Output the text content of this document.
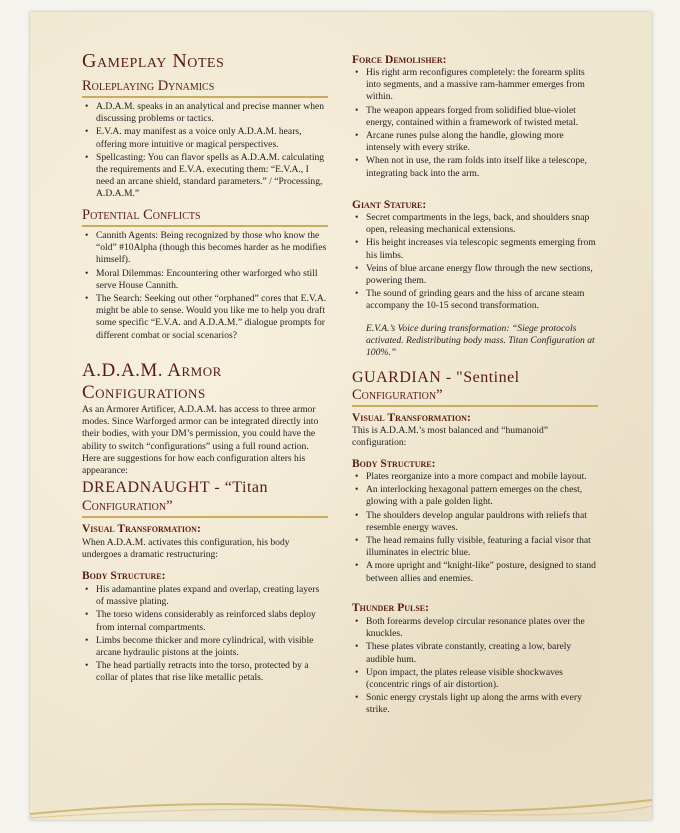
Gameplay Notes
Roleplaying Dynamics
• A.D.A.M. speaks in an analytical and precise manner when discussing problems or tactics.
• E.V.A. may manifest as a voice only A.D.A.M. hears, offering more intuitive or magical perspectives.
• Spellcasting: You can flavor spells as A.D.A.M. calculating the requirements and E.V.A. executing them: “E.V.A., I need an arcane shield, standard parameters.” / “Processing, A.D.A.M.”
Potential Conflicts
• Cannith Agents: Being recognized by those who know the “old” #10Alpha (though this becomes harder as he modifies himself).
• Moral Dilemmas: Encountering other warforged who still serve House Cannith.
• The Search: Seeking out other “orphaned” cores that E.V.A. might be able to sense. Would you like me to help you draft some specific “E.V.A. and A.D.A.M.” dialogue prompts for different combat or social scenarios?
A.D.A.M. Armor
Configurations

As an Armorer Artificer, A.D.A.M. has access to three armor modes. Since Warforged armor can be integrated directly into their bodies, with your DM’s permission, you could have the ability to switch “configurations” using a full round action. Here are suggestions for how each configuration alters his appearance:

DREADNAUGHT - “Titan
Configuration”
Visual Transformation:

When A.D.A.M. activates this configuration, his body undergoes a dramatic restructuring:

Body Structure:
• His adamantine plates expand and overlap, creating layers of massive plating.
• The torso widens considerably as reinforced slabs deploy from internal compartments.
• Limbs become thicker and more cylindrical, with visible arcane hydraulic pistons at the joints.
• The head partially retracts into the torso, protected by a collar of plates that rise like metallic petals.
Force Demolisher:
• His right arm reconfigures completely: the forearm splits into segments, and a massive ram-hammer emerges from within.
• The weapon appears forged from solidified blue-violet energy, contained within a framework of twisted metal.
• Arcane runes pulse along the handle, glowing more intensely with every strike.
• When not in use, the ram folds into itself like a telescope, integrating back into the arm.
Giant Stature:
• Secret compartments in the legs, back, and shoulders snap open, releasing mechanical extensions.
• His height increases via telescopic segments emerging from his limbs.
• Veins of blue arcane energy flow through the new sections, powering them.
• The sound of grinding gears and the hiss of arcane steam accompany the 10-15 second transformation.

E.V.A.’s Voice during transformation: “Siege protocols activated. Redistributing body mass. Titan Configuration at 100%.”

GUARDIAN - "Sentinel
Configuration”
Visual Transformation:

This is A.D.A.M.’s most balanced and “humanoid” configuration:

Body Structure:
• Plates reorganize into a more compact and mobile layout.
• An interlocking hexagonal pattern emerges on the chest, glowing with a pale golden light.
• The shoulders develop angular pauldrons with reliefs that resemble energy waves.
• The head remains fully visible, featuring a facial visor that illuminates in electric blue.
• A more upright and “knight-like” posture, designed to stand between allies and enemies.
Thunder Pulse:
• Both forearms develop circular resonance plates over the knuckles.
• These plates vibrate constantly, creating a low, barely audible hum.
• Upon impact, the plates release visible shockwaves (concentric rings of air distortion).
• Sonic energy crystals light up along the arms with every strike.
